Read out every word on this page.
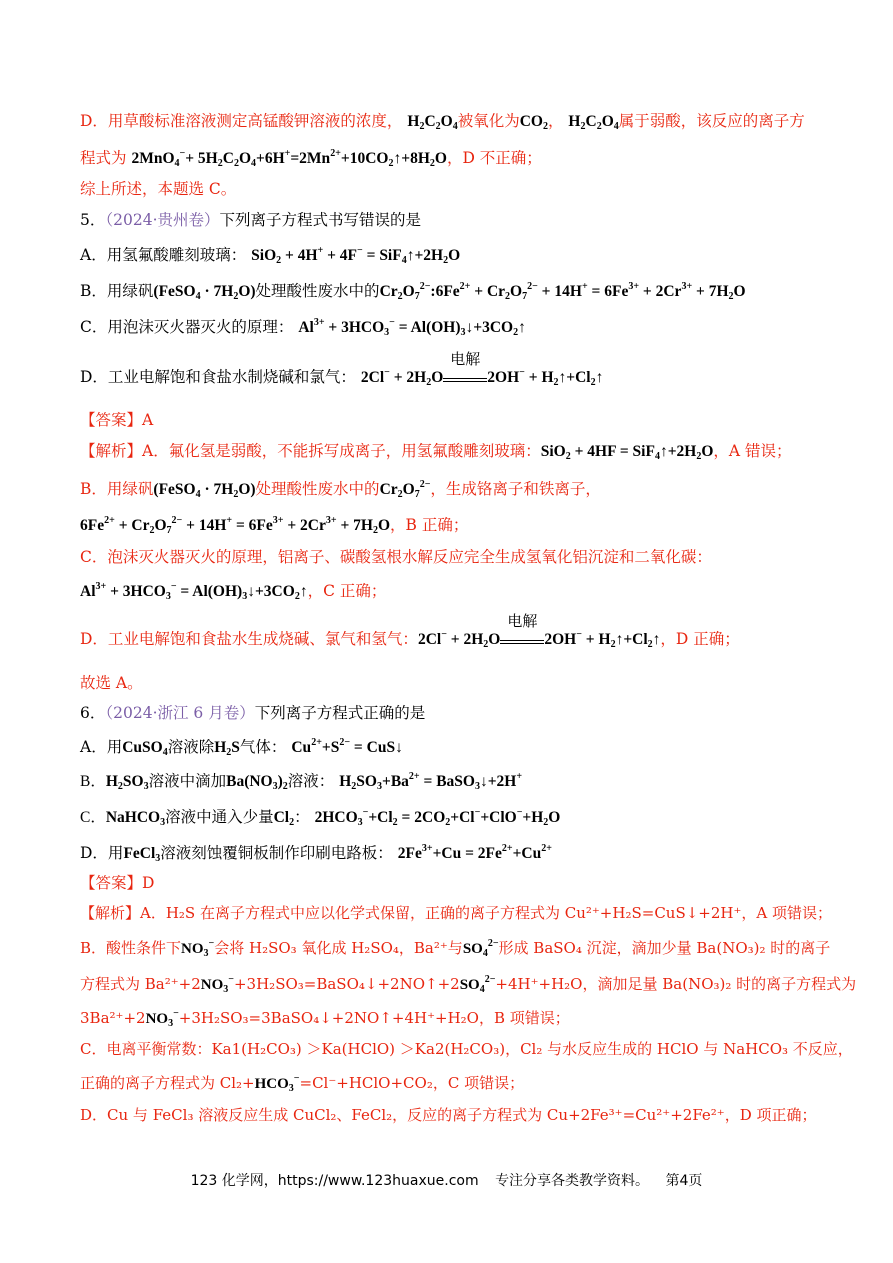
D．用草酸标准溶液测定高锰酸钾溶液的浓度， $H_2C_2O_4$被氧化为$CO_2$， $H_2C_2O_4$属于弱酸，该反应的离子方
程式为 $2MnO_4^-+ 5H_2C_2O_4+6H^+=2Mn^{2+}+10CO_2↑+8H_2O$，D 不正确；
综上所述，本题选 C。
5．（2024·贵州卷）下列离子方程式书写错误的是
A．用氢氟酸雕刻玻璃： $SiO_2 + 4H^+ + 4F^- = SiF_4↑+2H_2O$
B．用绿矾(FeSO$_4$ · $7H_2O$)处理酸性废水中的$Cr_2O_7^{2-}:6Fe^{2+} + Cr_2O_7^{2-} + 14H^+ = 6Fe^{3+} + 2Cr^{3+} + 7H_2O$
C．用泡沫灭火器灭火的原理： $Al^{3+} + 3HCO_3^-$ = $Al(OH)_3↓+3CO_2↑$
D．工业电解饱和食盐水制烧碱和氯气： $2Cl^- + 2H_2O$
电解
$2OH^- + H_2↑+Cl_2↑$
【答案】A
【解析】A．氟化氢是弱酸，不能拆写成离子，用氢氟酸雕刻玻璃：$SiO_2 + 4HF = SiF_4↑+2H_2O$，A 错误；
B．用绿矾(FeSO$_4$ · $7H_2O$)处理酸性废水中的$Cr_2O_7^{2-}$，生成铬离子和铁离子，
$6Fe^{2+} + Cr_2O_7^{2-} + 14H^+ = 6Fe^{3+} + 2Cr^{3+} + 7H_2O$，B 正确；
C．泡沫灭火器灭火的原理，铝离子、碳酸氢根水解反应完全生成氢氧化铝沉淀和二氧化碳：
$Al^{3+} + 3HCO_3^-$ = $Al(OH)_3↓+3CO_2↑$，C 正确；
D．工业电解饱和食盐水生成烧碱、氯气和氢气：$2Cl^- + 2H_2O$
电解
$2OH^- + H_2↑+Cl_2↑$，D 正确；
故选 A。
6．（2024·浙江 6 月卷）下列离子方程式正确的是
A．用CuSO$_4$溶液除$H_2S$气体： $Cu^{2+}+S^{2-}$ = CuS↓
B．$H_2SO_3$溶液中滴加$Ba(NO_3)_2$溶液： $H_2SO_3+Ba^{2+}$ = BaSO$_3$↓+2H+
C．NaHCO$_3$溶液中通入少量$Cl_2$： $2HCO_3^-+Cl_2 = 2CO_2+Cl^-+ClO^-+H_2O$
D．用FeCl$_3$溶液刻蚀覆铜板制作印刷电路板： $2Fe^{3+}+Cu = 2Fe^{2+}+Cu^{2+}$
【答案】D
【解析】A．H₂S 在离子方程式中应以化学式保留，正确的离子方程式为 Cu²⁺+H₂S=CuS↓+2H⁺，A 项错误；
B．酸性条件下$NO_3^-$会将 H₂SO₃ 氧化成 H₂SO₄，Ba²⁺与$SO_4^{2-}$形成 BaSO₄ 沉淀，滴加少量 Ba(NO₃)₂ 时的离子
方程式为 $Ba^{2+}+2NO_3^-+3H_2SO_3=BaSO_4↓+2NO↑+2SO_4^{2-}+4H^++H_2O$，滴加足量 Ba(NO₃)₂ 时的离子方程式为
$3Ba^{2+}+2NO_3^-+3H_2SO_3=3BaSO_4↓+2NO↑+4H^++H_2O$，B 项错误；
C．电离平衡常数：Ka1(H₂CO₃) ＞Ka(HClO) ＞Ka2(H₂CO₃)，Cl₂ 与水反应生成的 HClO 与 NaHCO₃ 不反应，
正确的离子方程式为 $Cl_2+HCO_3^-=Cl^-+HClO+CO_2$，C 项错误；
D．Cu 与 FeCl₃ 溶液反应生成 CuCl₂、FeCl₂，反应的离子方程式为 Cu+2Fe³⁺=Cu²⁺+2Fe²⁺，D 项正确；
123 化学网，https://www.123huaxue.com 专注分享各类教学资料。 第4页
